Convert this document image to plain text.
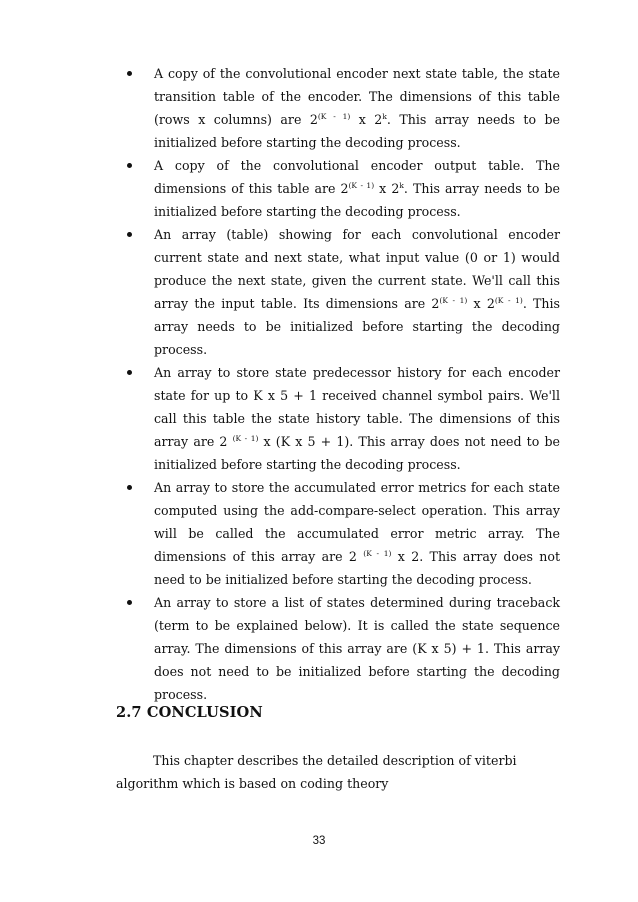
A copy of the convolutional encoder next state table, the state transition table of the encoder. The dimensions of this table (rows x columns) are $2^{(K - 1)}$ x 2$^k$. This array needs to be initialized before starting the decoding process.
A copy of the convolutional encoder output table. The dimensions of this table are $2^{(K - 1)}$ x 2$^k$. This array needs to be initialized before starting the decoding process.
An array (table) showing for each convolutional encoder current state and next state, what input value (0 or 1) would produce the next state, given the current state. We'll call this array the input table. Its dimensions are $2^{(K - 1)}$ x $2^{(K - 1)}$. This array needs to be initialized before starting the decoding process.
An array to store state predecessor history for each encoder state for up to K x 5 + 1 received channel symbol pairs. We'll call this table the state history table. The dimensions of this array are 2 $^{(K - 1)}$ x (K x 5 + 1). This array does not need to be initialized before starting the decoding process.
An array to store the accumulated error metrics for each state computed using the add-compare-select operation. This array will be called the accumulated error metric array. The dimensions of this array are 2 $^{(K - 1)}$ x 2. This array does not need to be initialized before starting the decoding process.
An array to store a list of states determined during traceback (term to be explained below). It is called the state sequence array. The dimensions of this array are (K x 5) + 1. This array does not need to be initialized before starting the decoding process.
2.7 CONCLUSION

This chapter describes the detailed description of viterbi algorithm which is based on coding theory

33
